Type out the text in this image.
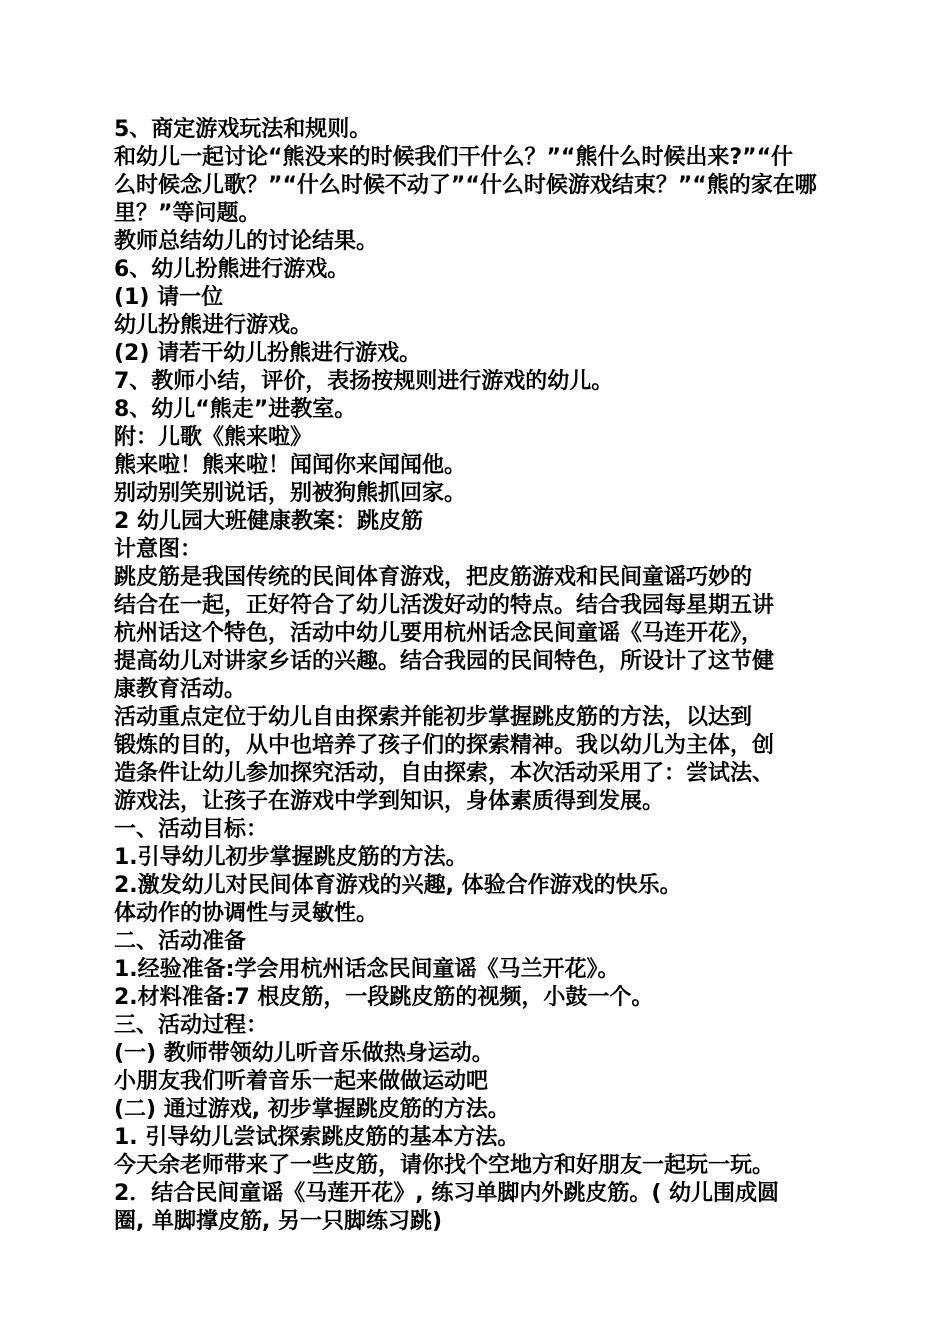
5、商定游戏玩法和规则。
和幼儿一起讨论“熊没来的时候我们干什么？”“熊什么时候出来?”“什
么时候念儿歌？”“什么时候不动了”“什么时候游戏结束？”“熊的家在哪
里？”等问题。
教师总结幼儿的讨论结果。
6、幼儿扮熊进行游戏。
(1) 请一位
幼儿扮熊进行游戏。
(2) 请若干幼儿扮熊进行游戏。
7、教师小结，评价，表扬按规则进行游戏的幼儿。
8、幼儿“熊走”进教室。
附：儿歌《熊来啦》
熊来啦！熊来啦！闻闻你来闻闻他。
别动别笑别说话，别被狗熊抓回家。
2 幼儿园大班健康教案：跳皮筋
计意图：
跳皮筋是我国传统的民间体育游戏，把皮筋游戏和民间童谣巧妙的
结合在一起，正好符合了幼儿活泼好动的特点。结合我园每星期五讲
杭州话这个特色，活动中幼儿要用杭州话念民间童谣《马连开花》，
提高幼儿对讲家乡话的兴趣。结合我园的民间特色，所设计了这节健
康教育活动。
活动重点定位于幼儿自由探索并能初步掌握跳皮筋的方法，以达到
锻炼的目的，从中也培养了孩子们的探索精神。我以幼儿为主体，创
造条件让幼儿参加探究活动，自由探索，本次活动采用了：尝试法、
游戏法，让孩子在游戏中学到知识，身体素质得到发展。
一、活动目标：
1.引导幼儿初步掌握跳皮筋的方法。
2.激发幼儿对民间体育游戏的兴趣, 体验合作游戏的快乐。
体动作的协调性与灵敏性。
二、活动准备
1.经验准备:学会用杭州话念民间童谣《马兰开花》。
2.材料准备:7 根皮筋，一段跳皮筋的视频，小鼓一个。
三、活动过程：
(一) 教师带领幼儿听音乐做热身运动。
小朋友我们听着音乐一起来做做运动吧
(二) 通过游戏, 初步掌握跳皮筋的方法。
1. 引导幼儿尝试探索跳皮筋的基本方法。
今天余老师带来了一些皮筋，请你找个空地方和好朋友一起玩一玩。
2．结合民间童谣《马莲开花》, 练习单脚内外跳皮筋。( 幼儿围成圆
圈, 单脚撑皮筋, 另一只脚练习跳)
